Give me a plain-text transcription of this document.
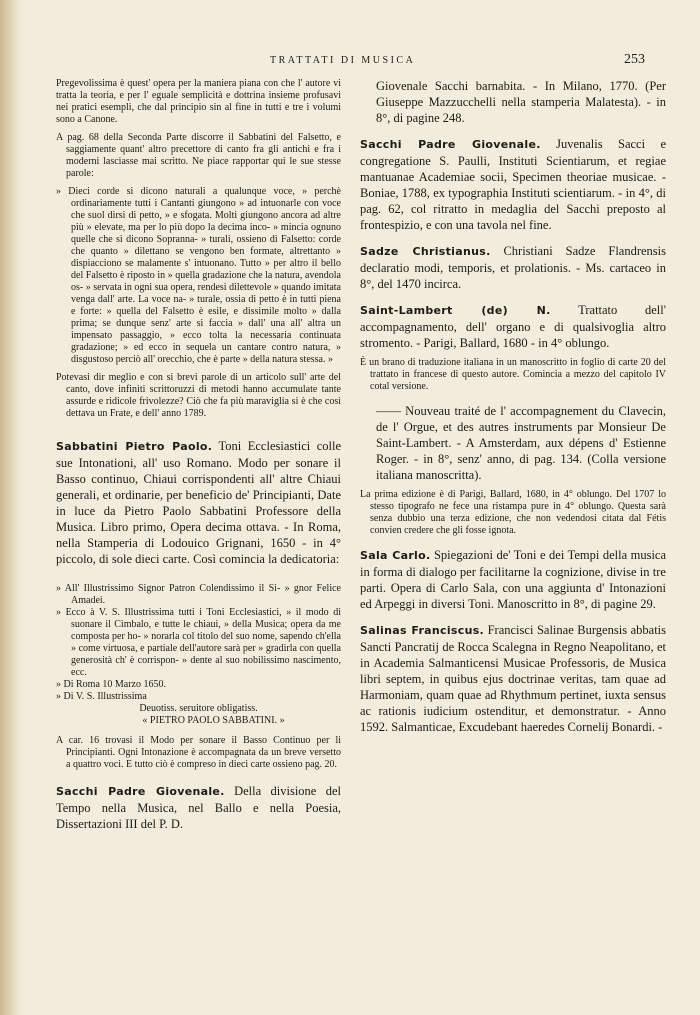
TRATTATI DI MUSICA	253

Pregevolissima è quest' opera per la maniera piana con che l' autore vi tratta la teoria, e per l' eguale semplicità e dottrina insieme profusavi nei pratici esempli, che dal principio sin al fine in tutti e tre i volumi sono a Canone.

A pag. 68 della Seconda Parte discorre il Sabbatini del Falsetto, e saggiamente quant' altro precettore di canto fra gli antichi e fra i moderni lasciasse mai scritto. Ne piace rapportar qui le sue stesse parole:

» Dieci corde si dicono naturali a qualunque voce, » perchè ordinariamente tutti i Cantanti giungono » ad intuonarle con voce che suol dirsi di petto, » e sfogata. Molti giungono ancora ad altre più » elevate, ma per lo più dopo la decima inco- » mincia ognuno quelle che si dicono Sopranna- » turali, ossieno di Falsetto: corde che quanto » dilettano se vengono ben formate, altrettanto » dispiacciono se malamente s' intuonano. Tutto » per altro il bello del Falsetto è riposto in » quella gradazione che la natura, avendola os- » servata in ogni sua opera, rendesi dilettevole » quando imitata venga dall' arte. La voce na- » turale, ossia di petto è in tutti piena e forte: » quella del Falsetto è esile, e dissimile molto » dalla prima; se dunque senz' arte si faccia » dall' una all' altra un impensato passaggio, » ecco tolta la necessaria continuata gradazione; » ed ecco in sequela un cantare contro natura, » disgustoso perciò all' orecchio, che è parte » della natura stessa. »

Potevasi dir meglio e con si brevi parole di un articolo sull' arte del canto, dove infiniti scrittoruzzi di metodi hanno accumulate tante assurde e ridicole frivolezze? Ciò che fa più maraviglia si è che così dettava un Frate, e dell' anno 1789.

Sabbatini Pietro Paolo. Toni Ecclesiastici colle sue Intonationi, all' uso Romano. Modo per sonare il Basso continuo, Chiaui corrispondenti all' altre Chiaui generali, et ordinarie, per beneficio de' Principianti, Date in luce da Pietro Paolo Sabbatini Professore della Musica. Libro primo, Opera decima ottava. - In Roma, nella Stamperia di Lodouico Grignani, 1650 - in 4° piccolo, di sole dieci carte. Così comincia la dedicatoria:

» All' Illustrissimo Signor Patron Colendissimo il Si- » gnor Felice Amadei.

» Ecco à V. S. Illustrissima tutti i Toni Ecclesiastici, » il modo di suonare il Cimbalo, e tutte le chiaui, » della Musica; opera da me composta per ho- » norarla col titolo del suo nome, sapendo ch'ella » come virtuosa, e partiale dell'autore sarà per » gradirla con quella generosità ch' è corrispon- » dente al suo nobilissimo nascimento, ecc.

» Di Roma 10 Marzo 1650.

» Di V. S. Illustrissima

Deuotiss. seruitore obligatiss.

« PIETRO PAOLO SABBATINI. »

A car. 16 trovasi il Modo per sonare il Basso Continuo per li Principianti. Ogni Intonazione è accompagnata da un breve versetto a quattro voci. E tutto ciò è compreso in dieci carte ossieno pag. 20.

Sacchi Padre Giovenale. Della divisione del Tempo nella Musica, nel Ballo e nella Poesia, Dissertazioni III del P. D.

Giovenale Sacchi barnabita. - In Milano, 1770. (Per Giuseppe Mazzucchelli nella stamperia Malatesta). - in 8°, di pagine 248.

Sacchi Padre Giovenale. Juvenalis Sacci e congregatione S. Paulli, Instituti Scientiarum, et regiae mantuanae Academiae socii, Specimen theoriae musicae. - Boniae, 1788, ex typographia Instituti scientiarum. - in 4°, di pag. 62, col ritratto in medaglia del Sacchi preposto al frontespizio, e con una tavola nel fine.

Sadze Christianus. Christiani Sadze Flandrensis declaratio modi, temporis, et prolationis. - Ms. cartaceo in 8°, del 1470 incirca.

Saint-Lambert (de) N. Trattato dell' accompagnamento, dell' organo e di qualsivoglia altro stromento. - Parigi, Ballard, 1680 - in 4° oblungo.

È un brano di traduzione italiana in un manoscritto in foglio di carte 20 del trattato in francese di questo autore. Comincia a mezzo del capitolo IV cotal versione.

—— Nouveau traité de l' accompagnement du Clavecin, de l' Orgue, et des autres instruments par Monsieur De Saint-Lambert. - A Amsterdam, aux dépens d' Estienne Roger. - in 8°, senz' anno, di pag. 134. (Colla versione italiana manoscritta).

La prima edizione è di Parigi, Ballard, 1680, in 4° oblungo. Del 1707 lo stesso tipografo ne fece una ristampa pure in 4° oblungo. Questa sarà senza dubbio una terza edizione, che non vedendosi citata dal Fétis convien credere che gli fosse ignota.

Sala Carlo. Spiegazioni de' Toni e dei Tempi della musica in forma di dialogo per facilitarne la cognizione, divise in tre parti. Opera di Carlo Sala, con una aggiunta d' Intonazioni ed Arpeggi in diversi Toni. Manoscritto in 8°, di pagine 29.

Salinas Franciscus. Francisci Salinae Burgensis abbatis Sancti Pancratij de Rocca Scalegna in Regno Neapolitano, et in Academia Salmanticensi Musicae Professoris, de Musica libri septem, in quibus ejus doctrinae veritas, tam quae ad Harmoniam, quam quae ad Rhythmum pertinet, iuxta sensus ac rationis iudicium ostenditur, et demonstratur. - Anno 1592. Salmanticae, Excudebant haeredes Cornelij Bonardi. -
